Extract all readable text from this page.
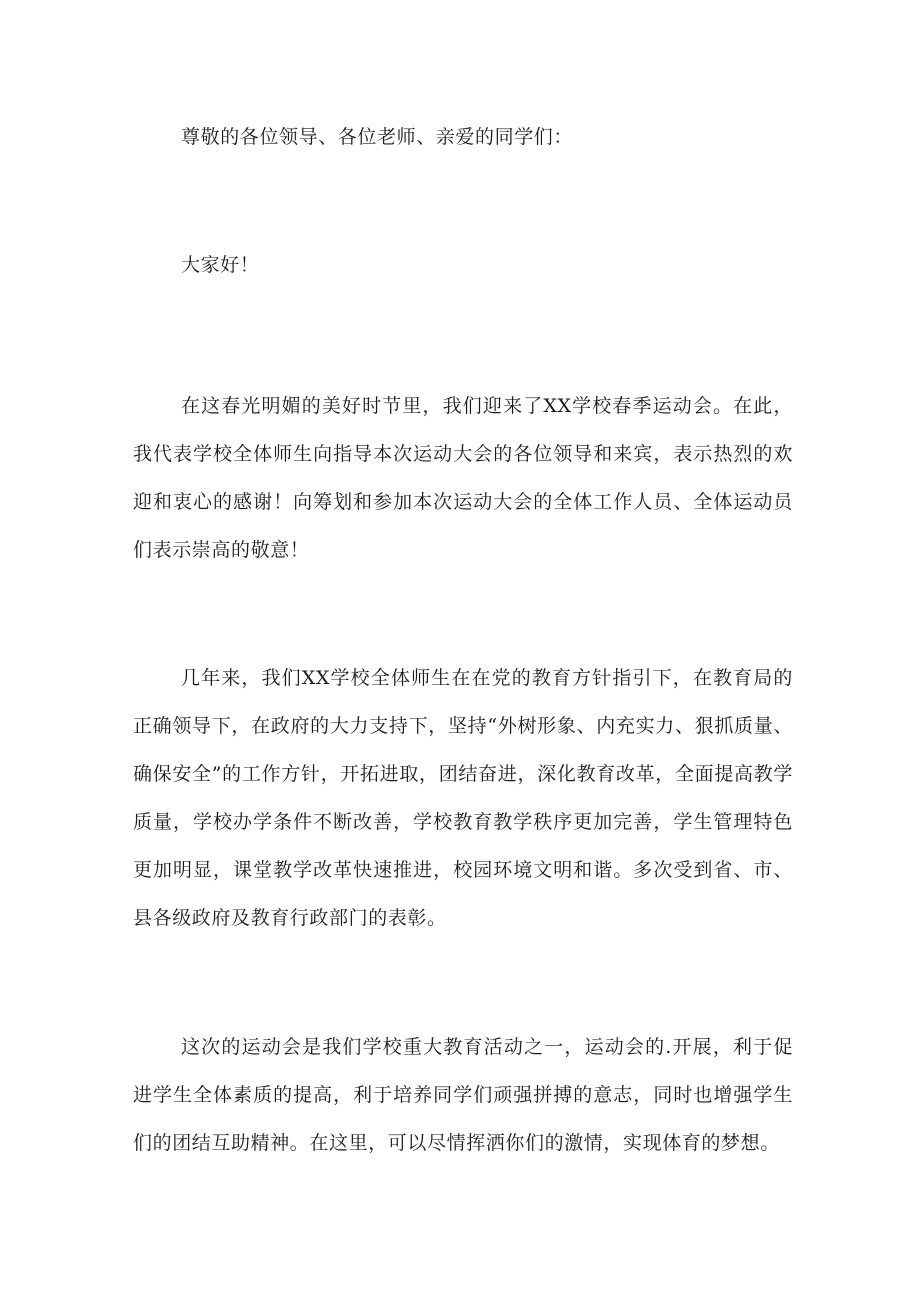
尊敬的各位领导、各位老师、亲爱的同学们：

大家好！

在这春光明媚的美好时节里，我们迎来了XX学校春季运动会。在此，我代表学校全体师生向指导本次运动大会的各位领导和来宾，表示热烈的欢迎和衷心的感谢！向筹划和参加本次运动大会的全体工作人员、全体运动员们表示崇高的敬意！

几年来，我们XX学校全体师生在在党的教育方针指引下，在教育局的正确领导下，在政府的大力支持下，坚持“外树形象、内充实力、狠抓质量、确保安全”的工作方针，开拓进取，团结奋进，深化教育改革，全面提高教学质量，学校办学条件不断改善，学校教育教学秩序更加完善，学生管理特色更加明显，课堂教学改革快速推进，校园环境文明和谐。多次受到省、市、县各级政府及教育行政部门的表彰。

这次的运动会是我们学校重大教育活动之一，运动会的.开展，利于促进学生全体素质的提高，利于培养同学们顽强拼搏的意志，同时也增强学生们的团结互助精神。在这里，可以尽情挥洒你们的激情，实现体育的梦想。
